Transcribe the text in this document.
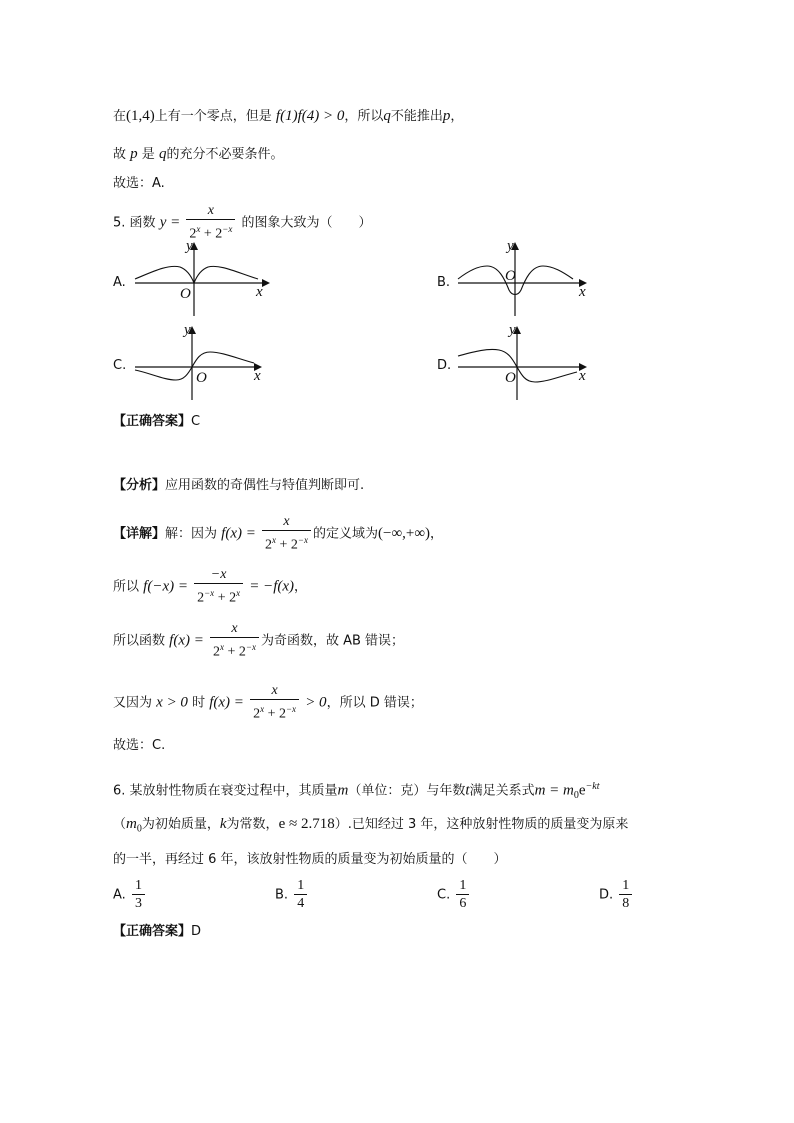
在(1,4)上有一个零点，但是 f(1)f(4) > 0，所以q不能推出p，
故 p 是 q的充分不必要条件。
故选：A.
5. 函数 $y = \frac{x}{2^x + 2^{-x}}$ 的图象大致为（　　）
A.	B.
C.	D.
y
x
O
y
x
O
y
x
O
y
x
O
【正确答案】C
【分析】应用函数的奇偶性与特值判断即可.
【详解】解：因为 $f(x) = \frac{x}{2^x + 2^{-x}}$ 的定义域为(−∞,+∞)，
所以 $f(-x) = \frac{-x}{2^{-x} + 2^x} = -f(x)$，
所以函数 $f(x) = \frac{x}{2^x + 2^{-x}}$ 为奇函数，故 AB 错误；
又因为 x > 0 时 $f(x) = \frac{x}{2^x + 2^{-x}} > 0$，所以 D 错误；
故选：C.
6. 某放射性物质在衰变过程中，其质量m（单位：克）与年数t满足关系式$m = m_0e^{-kt}$
（$m_0$为初始质量，k为常数，e ≈ 2.718）.已知经过 3 年，这种放射性物质的质量变为原来
的一半，再经过 6 年，该放射性物质的质量变为初始质量的（　　）
A. $\frac{1}{3}$	B. $\frac{1}{4}$	C. $\frac{1}{6}$	D. $\frac{1}{8}$
【正确答案】D
